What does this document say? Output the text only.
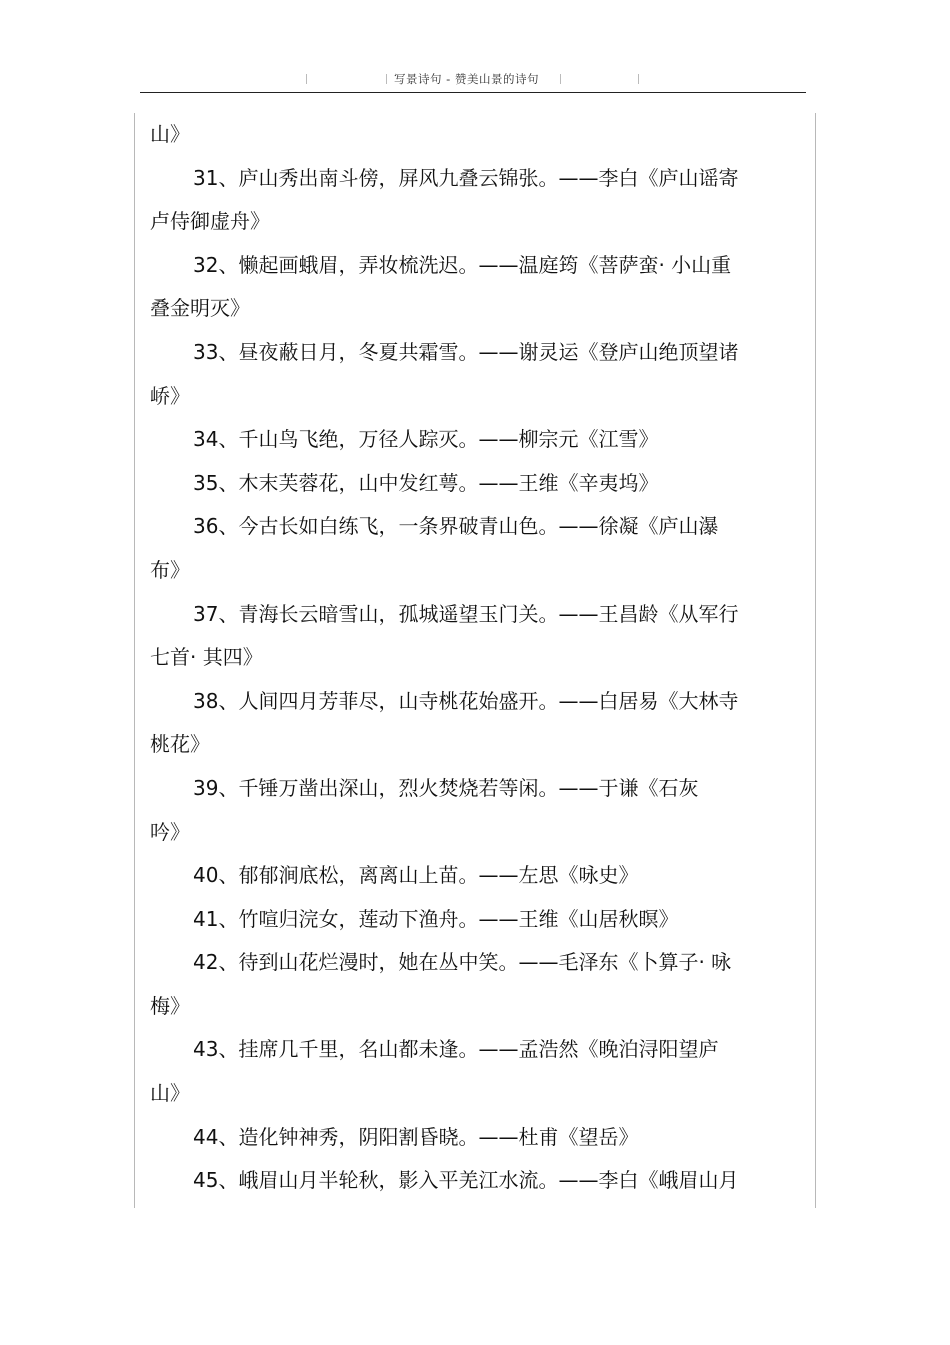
写景诗句 - 赞美山景的诗句
山》
31、庐山秀出南斗傍，屏风九叠云锦张。——李白《庐山谣寄
卢侍御虚舟》
32、懒起画蛾眉，弄妆梳洗迟。——温庭筠《菩萨蛮· 小山重
叠金明灭》
33、昼夜蔽日月，冬夏共霜雪。——谢灵运《登庐山绝顶望诸
峤》
34、千山鸟飞绝，万径人踪灭。——柳宗元《江雪》
35、木末芙蓉花，山中发红萼。——王维《辛夷坞》
36、今古长如白练飞，一条界破青山色。——徐凝《庐山瀑
布》
37、青海长云暗雪山，孤城遥望玉门关。——王昌龄《从军行
七首· 其四》
38、人间四月芳菲尽，山寺桃花始盛开。——白居易《大林寺
桃花》
39、千锤万凿出深山，烈火焚烧若等闲。——于谦《石灰
吟》
40、郁郁涧底松，离离山上苗。——左思《咏史》
41、竹喧归浣女，莲动下渔舟。——王维《山居秋暝》
42、待到山花烂漫时，她在丛中笑。——毛泽东《卜算子· 咏
梅》
43、挂席几千里，名山都未逢。——孟浩然《晚泊浔阳望庐
山》
44、造化钟神秀，阴阳割昏晓。——杜甫《望岳》
45、峨眉山月半轮秋，影入平羌江水流。——李白《峨眉山月
